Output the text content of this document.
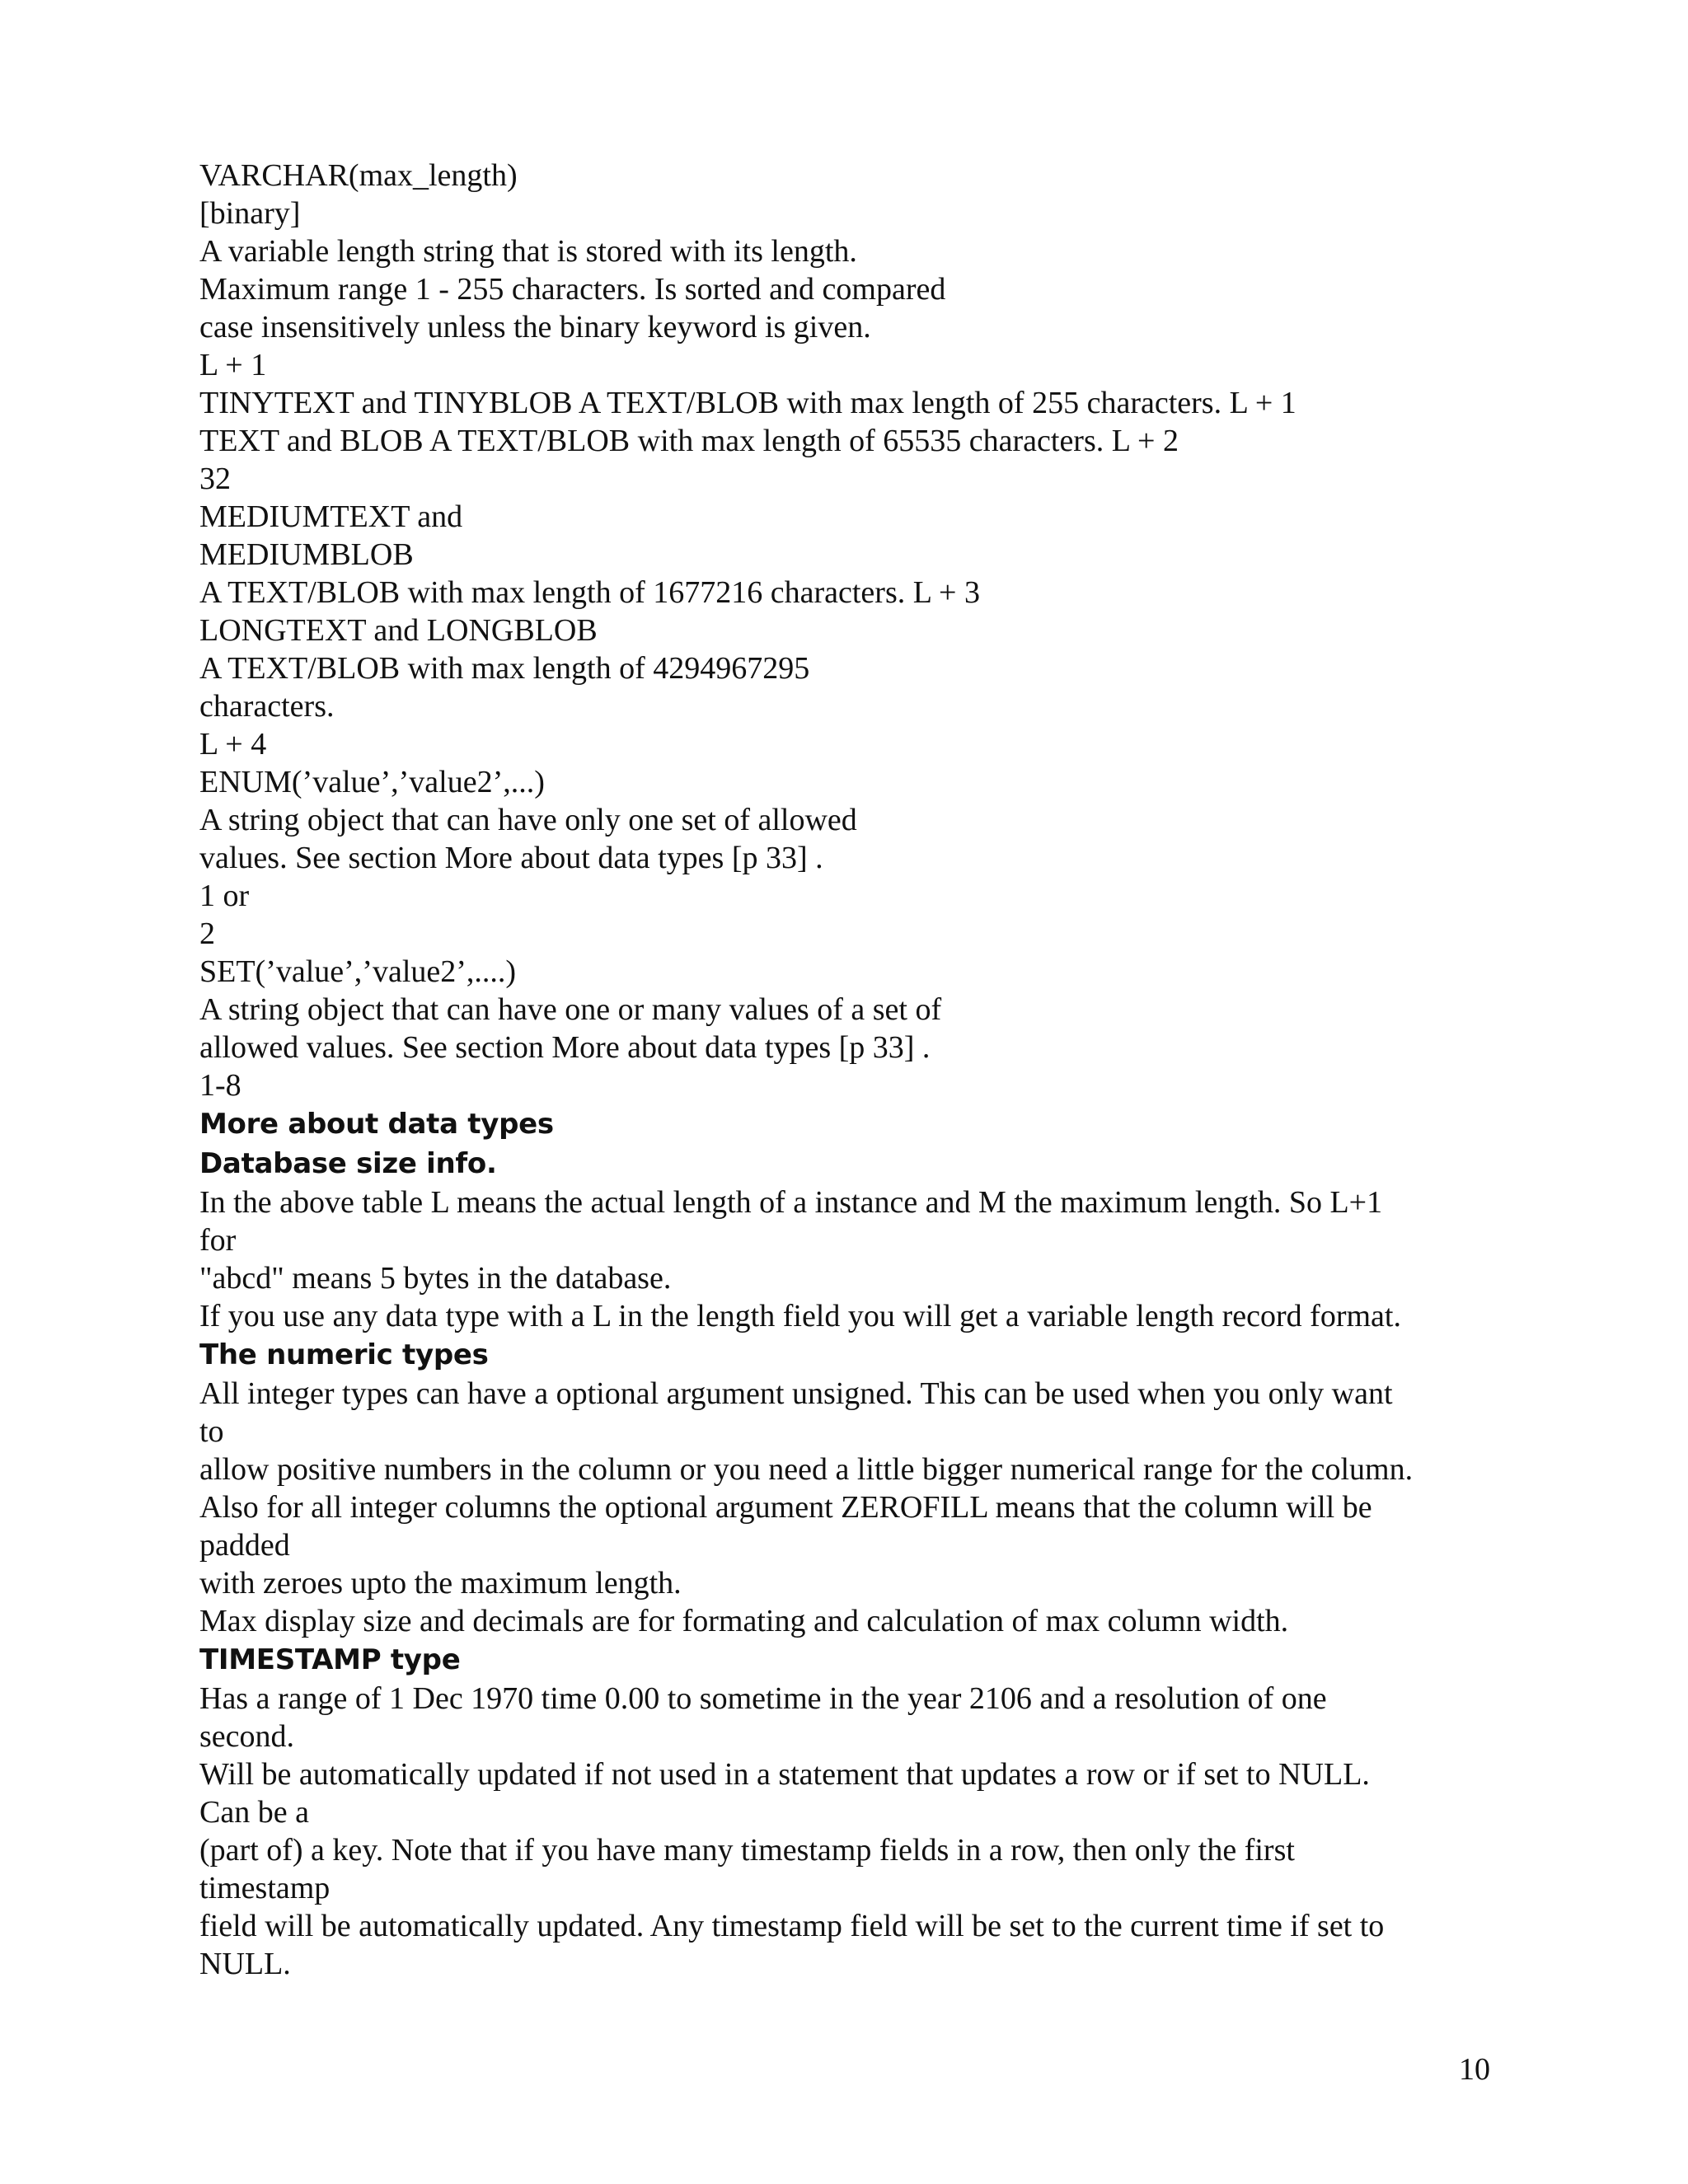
VARCHAR(max_length)
[binary]
A variable length string that is stored with its length.
Maximum range 1 - 255 characters. Is sorted and compared
case insensitively unless the binary keyword is given.
L + 1
TINYTEXT and TINYBLOB A TEXT/BLOB with max length of 255 characters. L + 1
TEXT and BLOB A TEXT/BLOB with max length of 65535 characters. L + 2
32
MEDIUMTEXT and
MEDIUMBLOB
A TEXT/BLOB with max length of 1677216 characters. L + 3
LONGTEXT and LONGBLOB
A TEXT/BLOB with max length of 4294967295
characters.
L + 4
ENUM(’value’,’value2’,...)
A string object that can have only one set of allowed
values. See section More about data types [p 33] .
1 or
2
SET(’value’,’value2’,....)
A string object that can have one or many values of a set of
allowed values. See section More about data types [p 33] .
1-8
More about data types
Database size info.
In the above table L means the actual length of a instance and M the maximum length. So L+1
for
"abcd" means 5 bytes in the database.
If you use any data type with a L in the length field you will get a variable length record format.
The numeric types
All integer types can have a optional argument unsigned. This can be used when you only want
to
allow positive numbers in the column or you need a little bigger numerical range for the column.
Also for all integer columns the optional argument ZEROFILL means that the column will be
padded
with zeroes upto the maximum length.
Max display size and decimals are for formating and calculation of max column width.
TIMESTAMP type
Has a range of 1 Dec 1970 time 0.00 to sometime in the year 2106 and a resolution of one
second.
Will be automatically updated if not used in a statement that updates a row or if set to NULL.
Can be a
(part of) a key. Note that if you have many timestamp fields in a row, then only the first
timestamp
field will be automatically updated. Any timestamp field will be set to the current time if set to
NULL.
10
